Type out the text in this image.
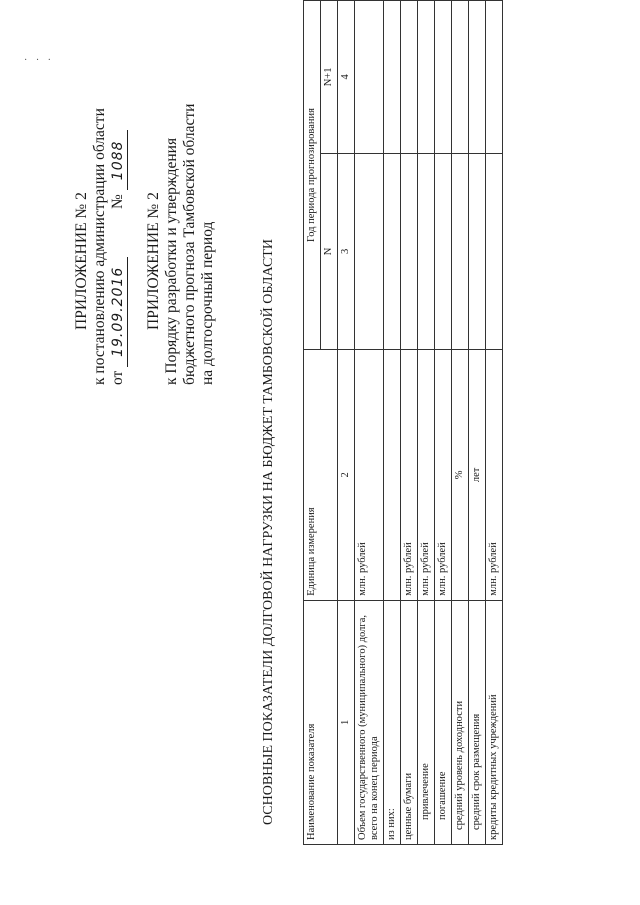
· · ·
ПРИЛОЖЕНИЕ № 2 к постановлению администрации области от 19.09.2016  № 1088
ПРИЛОЖЕНИЕ № 2 к Порядку разработки и утверждения бюджетного прогноза Тамбовской области на долгосрочный период	ОСНОВНЫЕ ПОКАЗАТЕЛИ ДОЛГОВОЙ НАГРУЗКИ НА БЮДЖЕТ ТАМБОВСКОЙ ОБЛАСТИ	Наименование показателя	Единица измерения	Год периода прогнозирования	
		N	N+1
1	2	3	4
Объем государственного (муниципального) долга, всего на конец периода	млн. рублей		
из них:			
ценные бумаги	млн. рублей		
привлечение	млн. рублей		
погашение	млн. рублей		
средний уровень доходности	%		
средний срок размещения	лет		
кредиты кредитных учреждений	млн. рублей		
